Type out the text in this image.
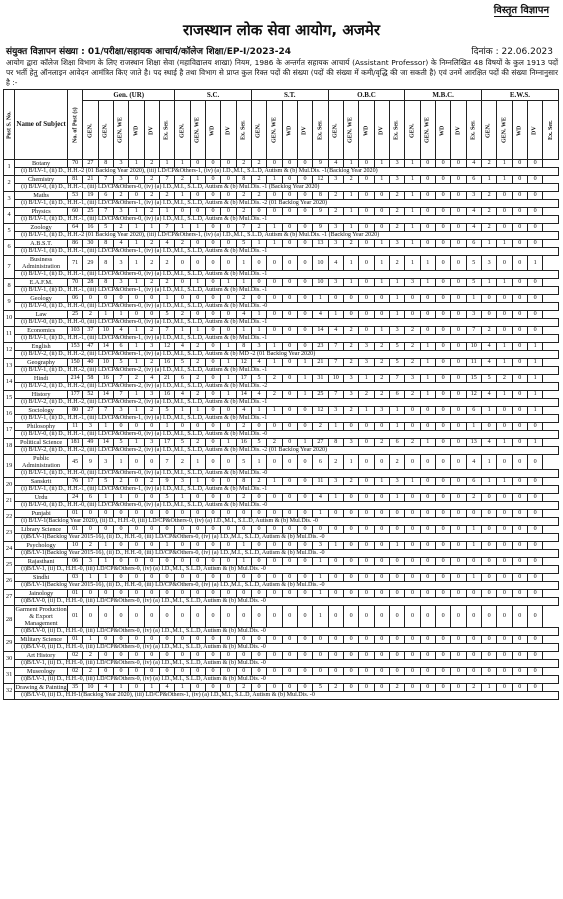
विस्तृत विज्ञापन
राजस्थान लोक सेवा आयोग, अजमेर
संयुक्त विज्ञापन संख्या : 01/परीक्षा/सहायक आचार्य/कॉलेज शिक्षा/EP-I/2023-24	दिनांक : 22.06.2023
आयोग द्वारा कॉलेज शिक्षा विभाग के लिए राजस्थान शिक्षा सेवा (महाविद्यालय शाखा) नियम, 1986 के अन्तर्गत सहायक आचार्य (Assistant Professor) के निम्नलिखित 48 विषयों के कुल 1913 पदों पर भर्ती हेतु ऑनलाइन आवेदन आमंत्रित किए जाते है। पद स्थाई है तथा विभाग से प्राप्त कुल रिक्त पदों की संख्या (पदों की संख्या में कमी/वृद्धि की जा सकती है) एवं उनमें आरक्षित पदों की संख्या निम्नानुसार है :-
Post S. No.	Name of Subject	No. of Post (s)	Gen. (UR)						S.C.					S.T.					O.B.C					M.B.C.					E.W.S.				
			GEN.	GEN.	GEN. WE	WD	DV	Ex. Ser.	GEN.	GEN. WE	WD	DV	Ex. Ser.	GEN.	GEN. WE	WD	DV	Ex. Ser.	GEN.	GEN. WE	WD	DV	Ex. Ser.	GEN.	GEN. WE	WD	DV	Ex. Ser.	GEN.	GEN. WE	WD	DV	Ex. Ser.
1	Botany	70	27	8	3	1	2	1	1	0	0	0	2	2	0	0	0	9	4	1	0	1	3	1	0	0	0	4	2	1	0	0	
	(i) B/LV-1, (ii) D., H.H.-2 (01 Backlog Year 2020), (iii) LD/CP&Others-1, (iv) (a) I.D.,M.I., S.L.D, Autism & (b) Mul.Dis. -1(Backlog Year 2020)																																
2	Chemistry	81	21	7	3	0	2	7	2	1	0	0	8	2	1	0	0	12	3	2	0	1	3	1	0	0	0	6	1	1	0	0	
	(i) B/LV-0, (ii) D., H.H.-1, (iii) LD/CP&Others-0, (iv) (a) I.D.,M.I., S.L.D, Autism & (b) Mul.Dis. -1 (Backlog Year 2020)																																
3	Maths	53	19	6	2	0	2	2	1	0	0	0	2	2	0	0	0	8	2	1	0	0	2	1	0	0	0	3	2	0	0	0	
	(i) B/LV-1, (ii) D., H.H.-1, (iii) LD/CP&Others-1, (iv) (a) I.D.,M.I., S.L.D, Autism & (b) Mul.Dis. -2 (01 Backlog Year 2020)																																
4	Physics	60	25	7	3	1	2	1	0	0	0	0	2	0	0	0	0	9	2	1	0	0	2	1	0	0	0	4	2	0	0	0	
	(i) B/LV-1, (ii) D., H.H.-1, (iii) LD/CP&Others-0, (iv) (a) I.D.,M.I., S.L.D, Autism & (b) Mul.Dis. -1																																
5	Zoology	64	16	5	2	1	1	7	1	1	0	0	7	2	1	0	0	9	3	1	0	0	2	1	0	0	0	4	2	0	0	0	
	(i) B/LV-1, (ii) D., H.H.-2 (01 Backlog Year 2020), (iii) LD/CP&Others-1, (iv) (a) I.D.,M.I., S.L.D, Autism & (b) Mul.Dis. -1 (Backlog Year 2020)																																
6	A.B.S.T.	86	30	8	4	1	2	4	2	0	0	0	5	1	1	0	0	13	3	2	0	1	3	1	0	0	0	6	1	1	0	0	
	(i) B/LV-1, (ii) D., H.H.-1, (iii) LD/CP&Others-1, (iv) (a) I.D.,M.I., S.L.D, Autism & (b) Mul.Dis. -1																																
7	Business Administration	71	29	8	3	1	2	2	0	0	0	0	1	0	0	0	0	10	4	1	0	1	2	1	1	0	0	5	3	0	0	1	
	(i) B/LV-1, (ii) D., H.H.-1, (iii) LD/CP&Others-0, (iv) (a) I.D.,M.I., S.L.D, Autism & (b) Mul.Dis. -1																																
8	E.A.F.M.	70	28	8	3	1	2	2	0	1	0	1	1	0	0	0	0	10	3	1	0	1	1	3	1	0	0	5	1	1	0	0	
	(i) B/LV-1, (ii) D., H.H.-1, (iii) LD/CP&Others-1, (iv) (a) I.D.,M.I., S.L.D, Autism & (b) Mul.Dis. -1																																
9	Geology	06	0	0	0	0	0	1	0	0	0	0	2	0	0	0	0	1	0	0	0	0	1	0	0	0	0	1	0	0	0	0	
	(i) B/LV-0, (ii) D., H.H.-0, (iii) LD/CP&Others-0, (iv) (a) I.D.,M.I., S.L.D, Autism & (b) Mul.Dis. -0																																
10	Law	25	2	1	1	0	0	5	2	0	0	0	4	1	0	0	0	4	1	0	0	0	1	0	0	0	0	3	0	0	0	0	
	(i) B/LV-0, (ii) D., H.H.-0, (iii) LD/CP&Others-0, (iv) (a) I.D.,M.I., S.L.D, Autism & (b) Mul.Dis. -1																																
11	Economics	103	37	10	4	1	2	7	1	1	0	0	1	1	0	0	0	14	4	2	0	1	3	2	0	0	0	7	2	0	0	0	
	(i) B/LV-1, (ii) D., H.H.-1, (iii) LD/CP&Others-1, (iv) (a) I.D.,M.I., S.L.D, Autism & (b) Mul.Dis. -1																																
12	English	153	47	14	6	1	3	12	4	2	0	1	8	3	1	0	0	23	7	2	3	2	5	2	1	0	0	10	4	1	0	1	
	(i) B/LV-2, (ii) D., H.H.-2, (iii) LD/CP&Others-1, (iv) (a) I.D.,M.I., S.L.D, Autism & (b) MD -2 (01 Backlog Year 2020)																																
13	Geography	150	40	10	5	1	2	16	5	2	0	1	12	4	1	0	1	21	7	2	3	2	5	2	1	0	0	11	4	1	0	1	
	(i) B/LV-1, (ii) D., H.H.-2, (iii) LD/CP&Others-2, (iv) (a) I.D.,M.I., S.L.D, Autism & (b) Mul.Dis. -1																																
14	Hindi	214	58	16	7	2	4	21	6	2	0	1	17	5	2	0	1	31	10	3	1	2	7	3	1	0	0	15	5	2	0	1	
	(i) B/LV-2, (ii) D., H.H.-2, (iii) LD/CP&Others-2, (iv) (a) I.D.,M.I., S.L.D, Autism & (b) Mul.Dis. -2																																
15	History	177	52	14	7	1	3	16	4	2	0	1	14	4	2	0	1	25	7	3	2	2	6	2	1	0	0	12	4	1	0	1	
	(i) B/LV-2, (ii) D., H.H.-2, (iii) LD/CP&Others-2, (iv) (a) I.D.,M.I., S.L.D, Autism & (b) Mul.Dis. -1																																
16	Sociology	80	27	7	3	1	2	5	1	1	0	0	4	1	1	0	0	12	3	2	1	3	1	0	0	0	0	6	1	0	0	1	
	(i) B/LV-1, (ii) D., H.H.-1, (iii) LD/CP&Others-1, (iv) (a) I.D.,M.I., S.L.D, Autism & (b) Mul.Dis. -1																																
17	Philosophy	11	3	1	0	0	0	1	0	0	0	0	2	0	0	0	0	2	1	0	0	0	1	0	0	0	0	1	0	0	0	0	
	(i) B/LV-0, (ii) D., H.H.-1, (iii) LD/CP&Others-0, (iv) (a) I.D.,M.I., S.L.D, Autism & (b) Mul.Dis. -0																																
18	Political Science	181	49	14	5	1	3	17	5	2	0	1	16	5	2	0	1	27	8	3	0	2	6	2	1	0	0	13	4	1	0	1	
	(i) B/LV-2, (ii) D., H.H.-2, (iii) LD/CP&Others-2, (iv) (a) I.D.,M.I., S.L.D, Autism & (b) Mul.Dis. -2 (01 Backlog Year 2020)																																
19	Public Administration	45	9	3	1	0	0	7	2	1	0	0	5	1	0	0	0	6	2	1	0	0	2	0	0	0	0	4	1	0	0	0	
	(i) B/LV-1, (ii) D., H.H.-0, (iii) LD/CP&Others-0, (iv) (a) I.D.,M.I., S.L.D, Autism & (b) Mul.Dis. -0																																
20	Sanskrit	76	17	5	2	0	2	9	3	1	0	0	8	2	1	0	0	11	3	2	0	1	3	1	0	0	0	6	1	1	0	0	
	(i) B/LV-1, (ii) D., H.H.-1, (iii) LD/CP&Others-1, (iv) (a) I.D.,M.I., S.L.D, Autism & (b) Mul.Dis. -1																																
21	Urdu	24	6	1	1	0	0	5	1	0	0	0	2	0	0	0	0	4	1	0	0	0	1	0	0	0	0	2	0	0	0	0	
	(i) B/LV-0, (ii) D., H.H.-0, (iii) LD/CP&Others-0, (iv) (a) I.D.,M.I., S.L.D, Autism & (b) Mul.Dis. -0																																
22	Punjabi	01	0	0	0	0	0	0	0	0	0	0	0	0	0	0	0	1	0	0	0	0	0	0	0	0	0	0	0	0	0	0	
	(i) B/LV-1(Backlog Year 2020), (ii) D., H.H.-0, (iii) LD/CP&Others-0, (iv) (a) I.D.,M.I., S.L.D, Autism & (b) Mul.Dis. -0																																
23	Library Science	01	0	0	0	0	0	0	0	0	0	0	0	0	0	0	0	0	0	0	0	0	0	0	0	0	0	1	0	0	0	0	
	(i)B/LV-1(Backlog Year 2015-16), (ii) D., H.H.-0, (iii) LD/CP&Others-0, (iv) (a) I.D.,M.I., S.L.D, Autism & (b) Mul.Dis. -0																																
24	Psychology	10	2	1	0	0	0	1	0	0	0	0	1	0	0	0	0	3	1	0	0	0	1	0	0	0	0	1	0	0	0	0	
	(i)B/LV-1(Backlog Year 2015-16), (ii) D., H.H.-0, (iii) LD/CP&Others-0, (iv) (a) I.D.,M.I., S.L.D, Autism & (b) Mul.Dis. -0																																
25	Rajasthani	06	3	1	0	0	0	0	0	0	0	0	1	0	0	0	0	1	0	0	0	0	0	0	0	0	0	0	0	0	0	0	
	(i)B/LV-1, (ii) D., H.H.-0, (iii) LD/CP&Others-0, (iv) (a) I.D.,M.I., S.L.D, Autism & (b) Mul.Dis. -0																																
26	Sindhi	03	1	1	0	0	0	0	0	0	0	0	0	0	0	0	0	1	0	0	0	0	0	0	0	0	0	1	0	0	0	0	
	(i)B/LV-1(Backlog Year 2015-16), (ii) D., H.H.-0, (iii) LD/CP&Others-0, (iv) (a) I.D.,M.I., S.L.D, Autism & (b) Mul.Dis. -0																																
27	Jainology	01	0	0	0	0	0	0	0	0	0	0	0	0	0	0	0	1	0	0	0	0	0	0	0	0	0	0	0	0	0	0	
	(i)B/LV-0, (ii) D., H.H.-0, (iii) LD/CP&Others-0, (iv) (a) I.D.,M.I., S.L.D, Autism & (b) Mul.Dis. -0																																
28	Garment Production & Export Management	01	0	0	0	0	0	0	0	0	0	0	0	0	0	0	0	1	0	0	0	0	0	0	0	0	0	0	0	0	0	0	
	(i)B/LV-0, (ii) D., H.H.-0, (iii) LD/CP&Others-0, (iv) (a) I.D.,M.I., S.L.D, Autism & (b) Mul.Dis. -0																																
29	Military Science	01	1	0	0	0	0	0	0	0	0	0	0	0	0	0	0	0	0	0	0	0	0	0	0	0	0	0	0	0	0	0	
	(i)B/LV-0, (ii) D., H.H.-0, (iii) LD/CP&Others-0, (iv) (a) I.D.,M.I., S.L.D, Autism & (b) Mul.Dis. -0																																
30	Art History	02	2	0	0	0	0	0	0	0	0	0	0	0	0	0	0	0	0	0	0	0	0	0	0	0	0	0	0	0	0	0	
	(i)B/LV-1, (ii) D., H.H.-0, (iii) LD/CP&Others-0, (iv) (a) I.D.,M.I., S.L.D, Autism & (b) Mul.Dis. -0																																
31	Museology	02	2	0	0	0	0	0	0	0	0	0	0	0	0	0	0	0	0	0	0	0	0	0	0	0	0	0	0	0	0	0	
	(i)B/LV-1, (ii) D., H.H.-0, (iii) LD/CP&Others-0, (iv) (a) I.D.,M.I., S.L.D, Autism & (b) Mul.Dis. -0																																
32	Drawing & Painting	35	10	4	1	0	1	4	1	0	0	0	2	0	0	0	0	5	2	0	0	0	2	0	0	0	0	2	1	0	0	0	
	(i)B/LV-0, (ii) D., H.H-1(Backlog Year 2020), (iii) LD/CP&Others-1, (iv) (a) I.D.,M.I., S.L.D, Autism & (b) Mul.Dis. -0																																
